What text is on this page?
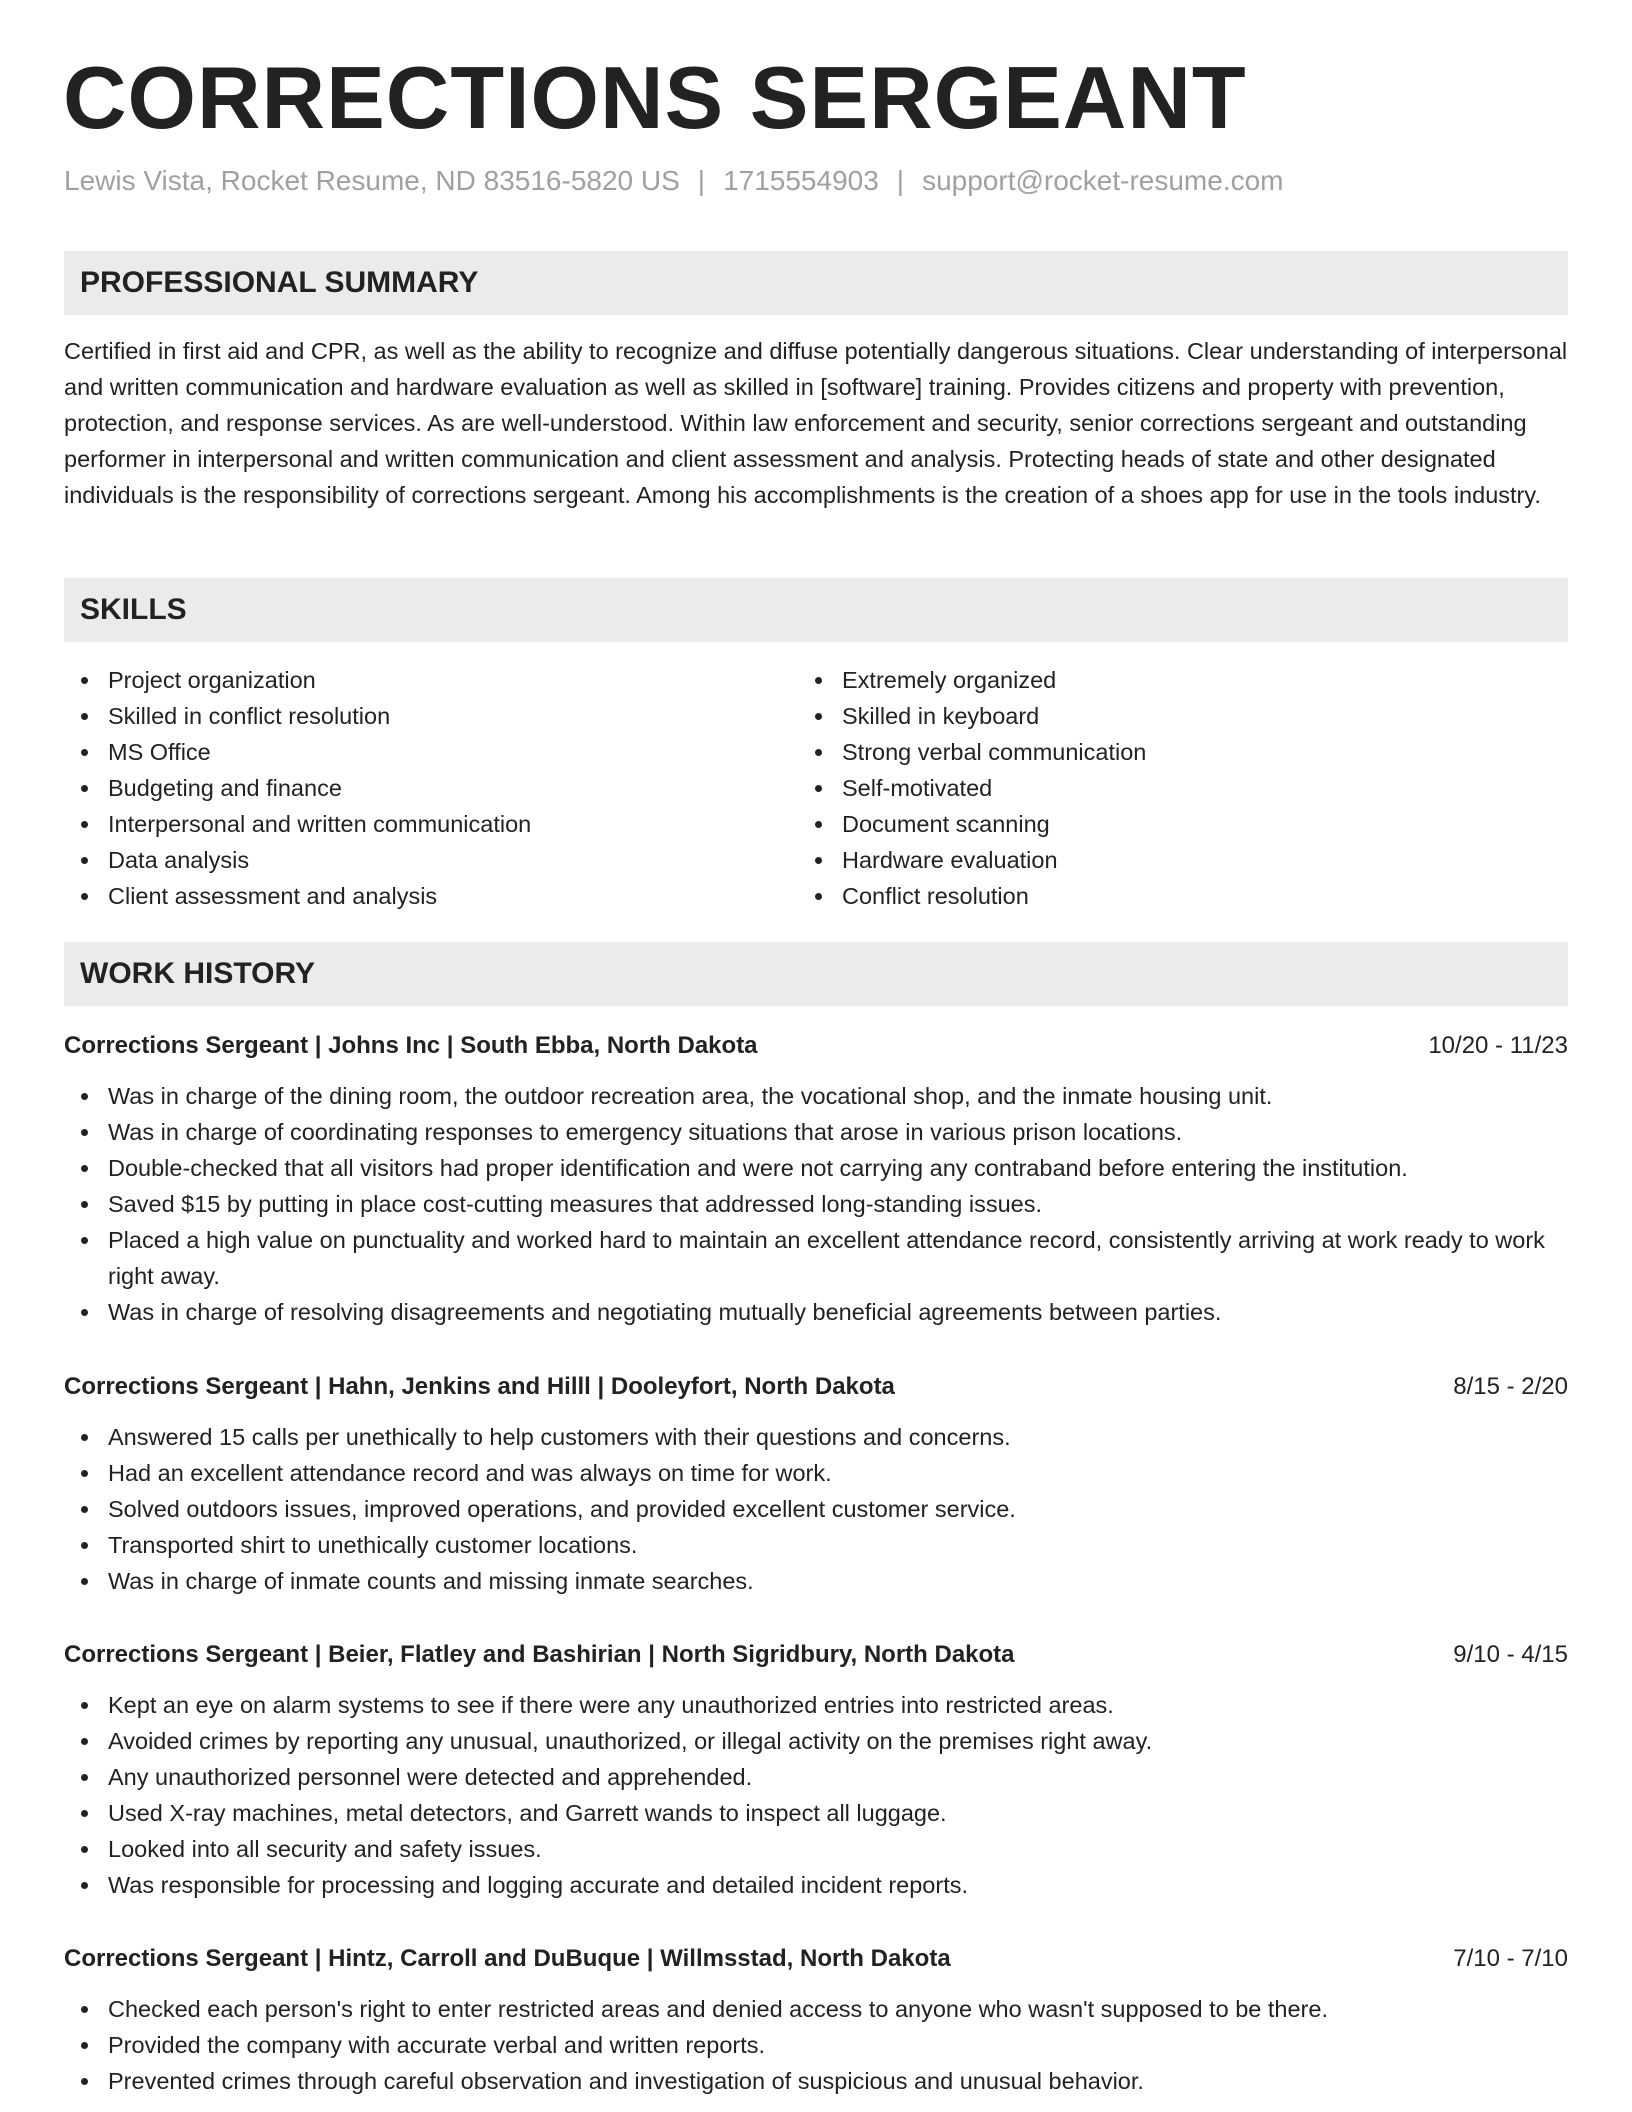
CORRECTIONS SERGEANT
Lewis Vista, Rocket Resume, ND 83516-5820 US | 1715554903 | support@rocket-resume.com
PROFESSIONAL SUMMARY

Certified in first aid and CPR, as well as the ability to recognize and diffuse potentially dangerous situations. Clear understanding of interpersonal and written communication and hardware evaluation as well as skilled in [software] training. Provides citizens and property with prevention, protection, and response services. As are well-understood. Within law enforcement and security, senior corrections sergeant and outstanding performer in interpersonal and written communication and client assessment and analysis. Protecting heads of state and other designated individuals is the responsibility of corrections sergeant. Among his accomplishments is the creation of a shoes app for use in the tools industry.

SKILLS
Project organization
Skilled in conflict resolution
MS Office
Budgeting and finance
Interpersonal and written communication
Data analysis
Client assessment and analysis
Extremely organized
Skilled in keyboard
Strong verbal communication
Self-motivated
Document scanning
Hardware evaluation
Conflict resolution
WORK HISTORY
Corrections Sergeant | Johns Inc | South Ebba, North Dakota	10/20 - 11/23
Was in charge of the dining room, the outdoor recreation area, the vocational shop, and the inmate housing unit.
Was in charge of coordinating responses to emergency situations that arose in various prison locations.
Double-checked that all visitors had proper identification and were not carrying any contraband before entering the institution.
Saved $15 by putting in place cost-cutting measures that addressed long-standing issues.
Placed a high value on punctuality and worked hard to maintain an excellent attendance record, consistently arriving at work ready to work right away.
Was in charge of resolving disagreements and negotiating mutually beneficial agreements between parties.
Corrections Sergeant | Hahn, Jenkins and Hilll | Dooleyfort, North Dakota	8/15 - 2/20
Answered 15 calls per unethically to help customers with their questions and concerns.
Had an excellent attendance record and was always on time for work.
Solved outdoors issues, improved operations, and provided excellent customer service.
Transported shirt to unethically customer locations.
Was in charge of inmate counts and missing inmate searches.
Corrections Sergeant | Beier, Flatley and Bashirian | North Sigridbury, North Dakota	9/10 - 4/15
Kept an eye on alarm systems to see if there were any unauthorized entries into restricted areas.
Avoided crimes by reporting any unusual, unauthorized, or illegal activity on the premises right away.
Any unauthorized personnel were detected and apprehended.
Used X-ray machines, metal detectors, and Garrett wands to inspect all luggage.
Looked into all security and safety issues.
Was responsible for processing and logging accurate and detailed incident reports.
Corrections Sergeant | Hintz, Carroll and DuBuque | Willmsstad, North Dakota	7/10 - 7/10
Checked each person's right to enter restricted areas and denied access to anyone who wasn't supposed to be there.
Provided the company with accurate verbal and written reports.
Prevented crimes through careful observation and investigation of suspicious and unusual behavior.
